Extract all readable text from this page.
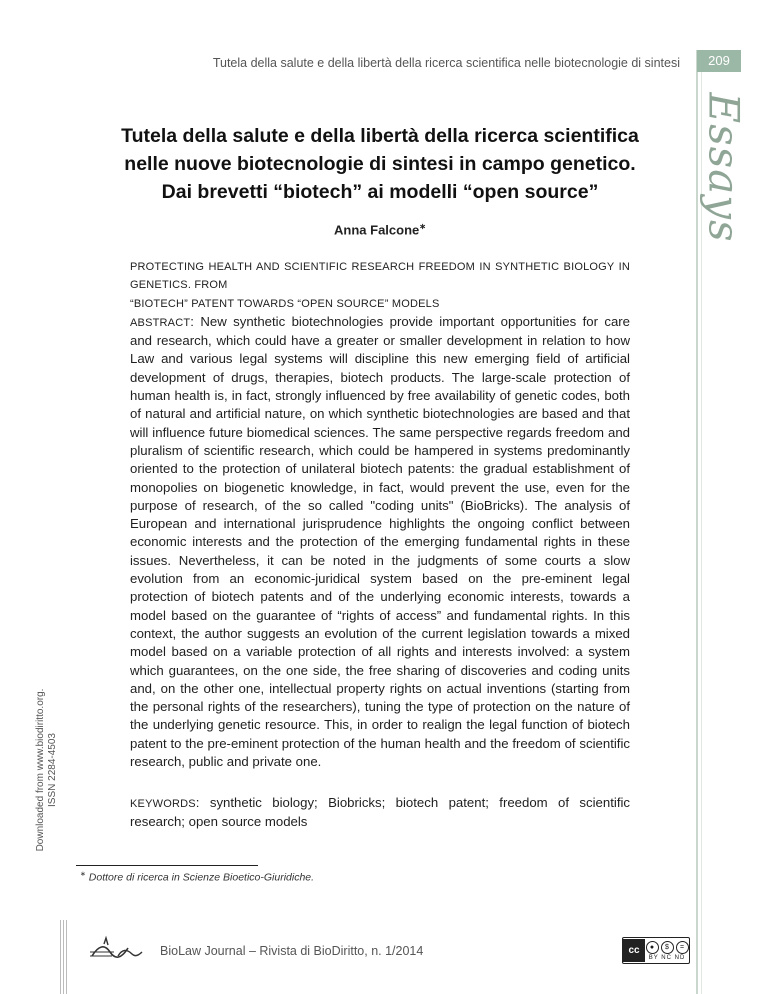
Tutela della salute e della libertà della ricerca scientifica nelle biotecnologie di sintesi	209
Essays
Tutela della salute e della libertà della ricerca scientifica
nelle nuove biotecnologie di sintesi in campo genetico.
Dai brevetti “biotech” ai modelli “open source”
Anna Falcone∗

PROTECTING HEALTH AND SCIENTIFIC RESEARCH FREEDOM IN SYNTHETIC BIOLOGY IN GENETICS. FROM
“BIOTECH” PATENT TOWARDS “OPEN SOURCE” MODELS

ABSTRACT: New synthetic biotechnologies provide important opportunities for care and research, which could have a greater or smaller development in relation to how Law and various legal systems will discipline this new emerging field of artificial development of drugs, therapies, biotech products. The large-scale protection of human health is, in fact, strongly influenced by free availability of genetic codes, both of natural and artificial nature, on which synthetic biotechnologies are based and that will influence future biomedical sciences. The same perspective regards freedom and pluralism of scientific research, which could be hampered in systems predominantly oriented to the protection of unilateral biotech patents: the gradual establishment of monopolies on biogenetic knowledge, in fact, would prevent the use, even for the purpose of research, of the so called "coding units" (BioBricks). The analysis of European and international jurisprudence highlights the ongoing conflict between economic interests and the protection of the emerging fundamental rights in these issues. Nevertheless, it can be noted in the judgments of some courts a slow evolution from an economic-juridical system based on the pre-eminent legal protection of biotech patents and of the underlying economic interests, towards a model based on the guarantee of “rights of access” and fundamental rights. In this context, the author suggests an evolution of the current legislation towards a mixed model based on a variable protection of all rights and interests involved: a system which guarantees, on the one side, the free sharing of discoveries and coding units and, on the other one, intellectual property rights on actual inventions (starting from the personal rights of the researchers), tuning the type of protection on the nature of the underlying genetic resource. This, in order to realign the legal function of biotech patent to the pre-eminent protection of the human health and the freedom of scientific research, public and private one.

KEYWORDS: synthetic biology; Biobricks; biotech patent; freedom of scientific research; open source models
Downloaded from www.biodiritto.org.
ISSN 2284-4503
∗ Dottore di ricerca in Scienze Bioetico-Giuridiche.
BioLaw Journal – Rivista di BioDiritto, n. 1/2014	cc	●	$	=
BY NC ND
